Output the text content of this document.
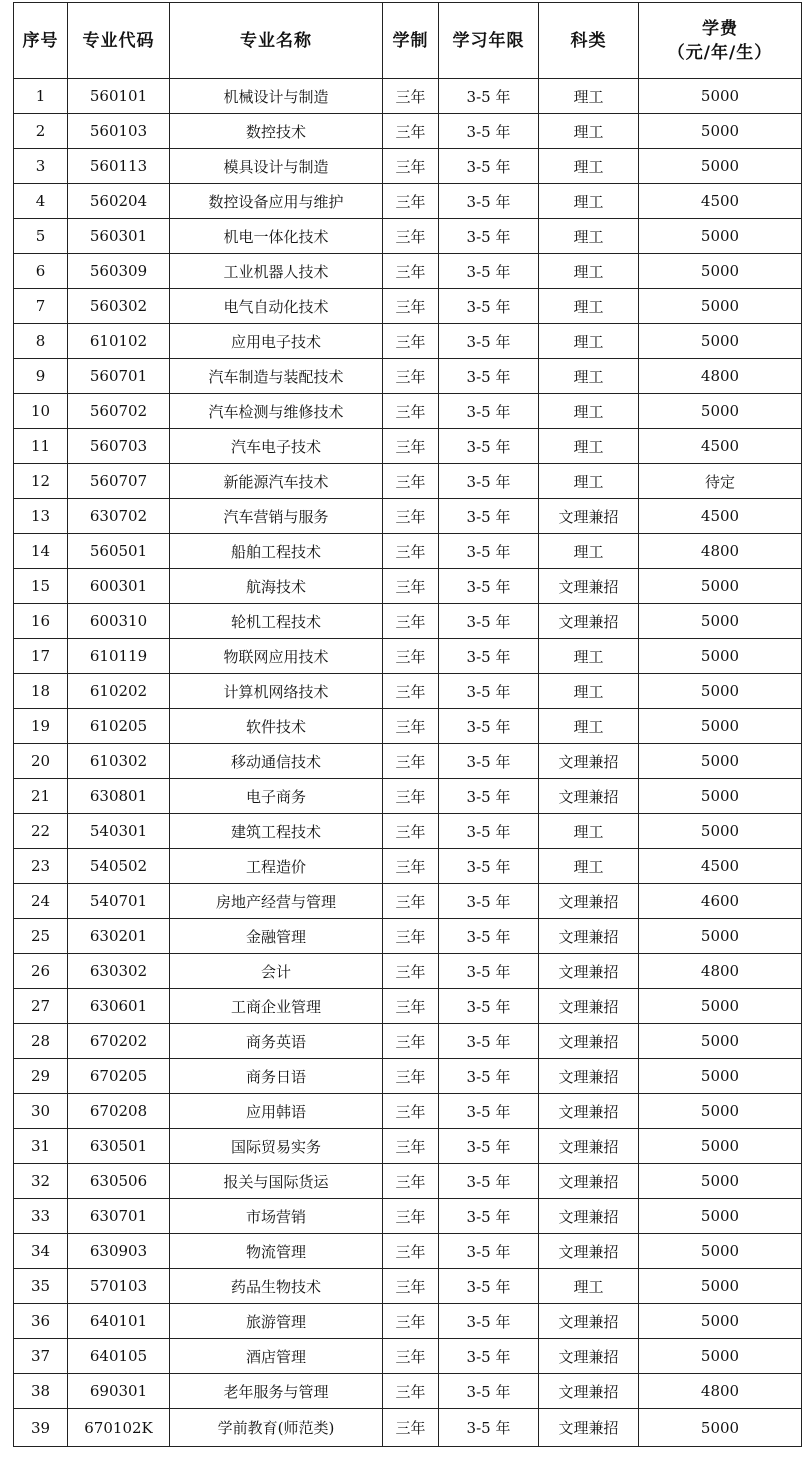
序号	专业代码	专业名称	学制	学习年限	科类	学费
（元/年/生）

1	560101	机械设计与制造	三年	3-5 年	理工	5000
2	560103	数控技术	三年	3-5 年	理工	5000
3	560113	模具设计与制造	三年	3-5 年	理工	5000
4	560204	数控设备应用与维护	三年	3-5 年	理工	4500
5	560301	机电一体化技术	三年	3-5 年	理工	5000
6	560309	工业机器人技术	三年	3-5 年	理工	5000
7	560302	电气自动化技术	三年	3-5 年	理工	5000
8	610102	应用电子技术	三年	3-5 年	理工	5000
9	560701	汽车制造与装配技术	三年	3-5 年	理工	4800
10	560702	汽车检测与维修技术	三年	3-5 年	理工	5000
11	560703	汽车电子技术	三年	3-5 年	理工	4500
12	560707	新能源汽车技术	三年	3-5 年	理工	待定
13	630702	汽车营销与服务	三年	3-5 年	文理兼招	4500
14	560501	船舶工程技术	三年	3-5 年	理工	4800
15	600301	航海技术	三年	3-5 年	文理兼招	5000
16	600310	轮机工程技术	三年	3-5 年	文理兼招	5000
17	610119	物联网应用技术	三年	3-5 年	理工	5000
18	610202	计算机网络技术	三年	3-5 年	理工	5000
19	610205	软件技术	三年	3-5 年	理工	5000
20	610302	移动通信技术	三年	3-5 年	文理兼招	5000
21	630801	电子商务	三年	3-5 年	文理兼招	5000
22	540301	建筑工程技术	三年	3-5 年	理工	5000
23	540502	工程造价	三年	3-5 年	理工	4500
24	540701	房地产经营与管理	三年	3-5 年	文理兼招	4600
25	630201	金融管理	三年	3-5 年	文理兼招	5000
26	630302	会计	三年	3-5 年	文理兼招	4800
27	630601	工商企业管理	三年	3-5 年	文理兼招	5000
28	670202	商务英语	三年	3-5 年	文理兼招	5000
29	670205	商务日语	三年	3-5 年	文理兼招	5000
30	670208	应用韩语	三年	3-5 年	文理兼招	5000
31	630501	国际贸易实务	三年	3-5 年	文理兼招	5000
32	630506	报关与国际货运	三年	3-5 年	文理兼招	5000
33	630701	市场营销	三年	3-5 年	文理兼招	5000
34	630903	物流管理	三年	3-5 年	文理兼招	5000
35	570103	药品生物技术	三年	3-5 年	理工	5000
36	640101	旅游管理	三年	3-5 年	文理兼招	5000
37	640105	酒店管理	三年	3-5 年	文理兼招	5000
38	690301	老年服务与管理	三年	3-5 年	文理兼招	4800
39	670102K	学前教育(师范类)	三年	3-5 年	文理兼招	5000
